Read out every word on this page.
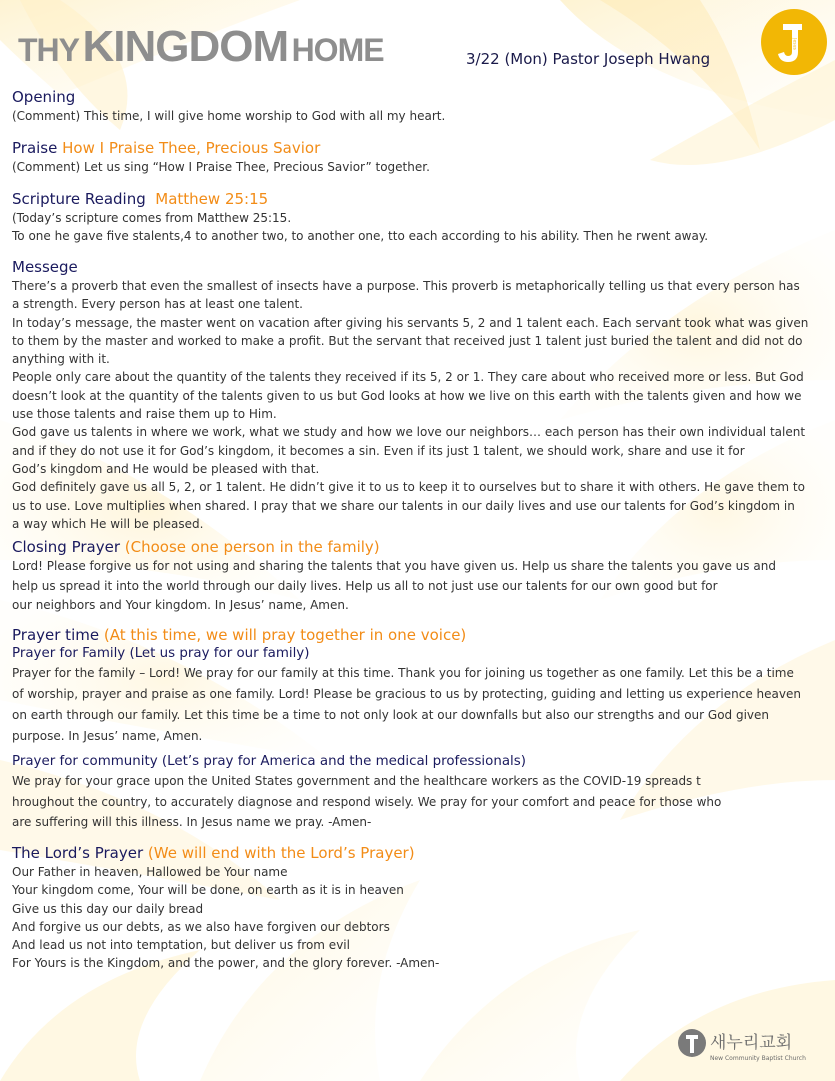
THY KINGDOM HOME	3/22 (Mon) Pastor Joseph Hwang
Jesus
Opening

(Comment) This time, I will give home worship to God with all my heart.

Praise How I Praise Thee, Precious Savior

(Comment) Let us sing “How I Praise Thee, Precious Savior” together.

Scripture Reading Matthew 25:15

(Today’s scripture comes from Matthew 25:15.

To one he gave five stalents,4 to another two, to another one, tto each according to his ability. Then he rwent away.

Messege

There’s a proverb that even the smallest of insects have a purpose. This proverb is metaphorically telling us that every person has

a strength. Every person has at least one talent.

In today’s message, the master went on vacation after giving his servants 5, 2 and 1 talent each. Each servant took what was given

to them by the master and worked to make a profit. But the servant that received just 1 talent just buried the talent and did not do

anything with it.

People only care about the quantity of the talents they received if its 5, 2 or 1. They care about who received more or less. But God

doesn’t look at the quantity of the talents given to us but God looks at how we live on this earth with the talents given and how we

use those talents and raise them up to Him.

God gave us talents in where we work, what we study and how we love our neighbors… each person has their own individual talent

and if they do not use it for God’s kingdom, it becomes a sin. Even if its just 1 talent, we should work, share and use it for

God’s kingdom and He would be pleased with that.

God definitely gave us all 5, 2, or 1 talent. He didn’t give it to us to keep it to ourselves but to share it with others. He gave them to

us to use. Love multiplies when shared. I pray that we share our talents in our daily lives and use our talents for God’s kingdom in

a way which He will be pleased.

Closing Prayer (Choose one person in the family)

Lord! Please forgive us for not using and sharing the talents that you have given us. Help us share the talents you gave us and

help us spread it into the world through our daily lives. Help us all to not just use our talents for our own good but for

our neighbors and Your kingdom. In Jesus’ name, Amen.

Prayer time (At this time, we will pray together in one voice)
Prayer for Family (Let us pray for our family)

Prayer for the family – Lord! We pray for our family at this time. Thank you for joining us together as one family. Let this be a time

of worship, prayer and praise as one family. Lord! Please be gracious to us by protecting, guiding and letting us experience heaven

on earth through our family. Let this time be a time to not only look at our downfalls but also our strengths and our God given

purpose. In Jesus’ name, Amen.

Prayer for community (Let’s pray for America and the medical professionals)

We pray for your grace upon the United States government and the healthcare workers as the COVID-19 spreads t

hroughout the country, to accurately diagnose and respond wisely. We pray for your comfort and peace for those who

are suffering will this illness. In Jesus name we pray. -Amen-

The Lord’s Prayer (We will end with the Lord’s Prayer)

Our Father in heaven, Hallowed be Your name

Your kingdom come, Your will be done, on earth as it is in heaven

Give us this day our daily bread

And forgive us our debts, as we also have forgiven our debtors

And lead us not into temptation, but deliver us from evil

For Yours is the Kingdom, and the power, and the glory forever. -Amen-

새누리교회
New Community Baptist Church
